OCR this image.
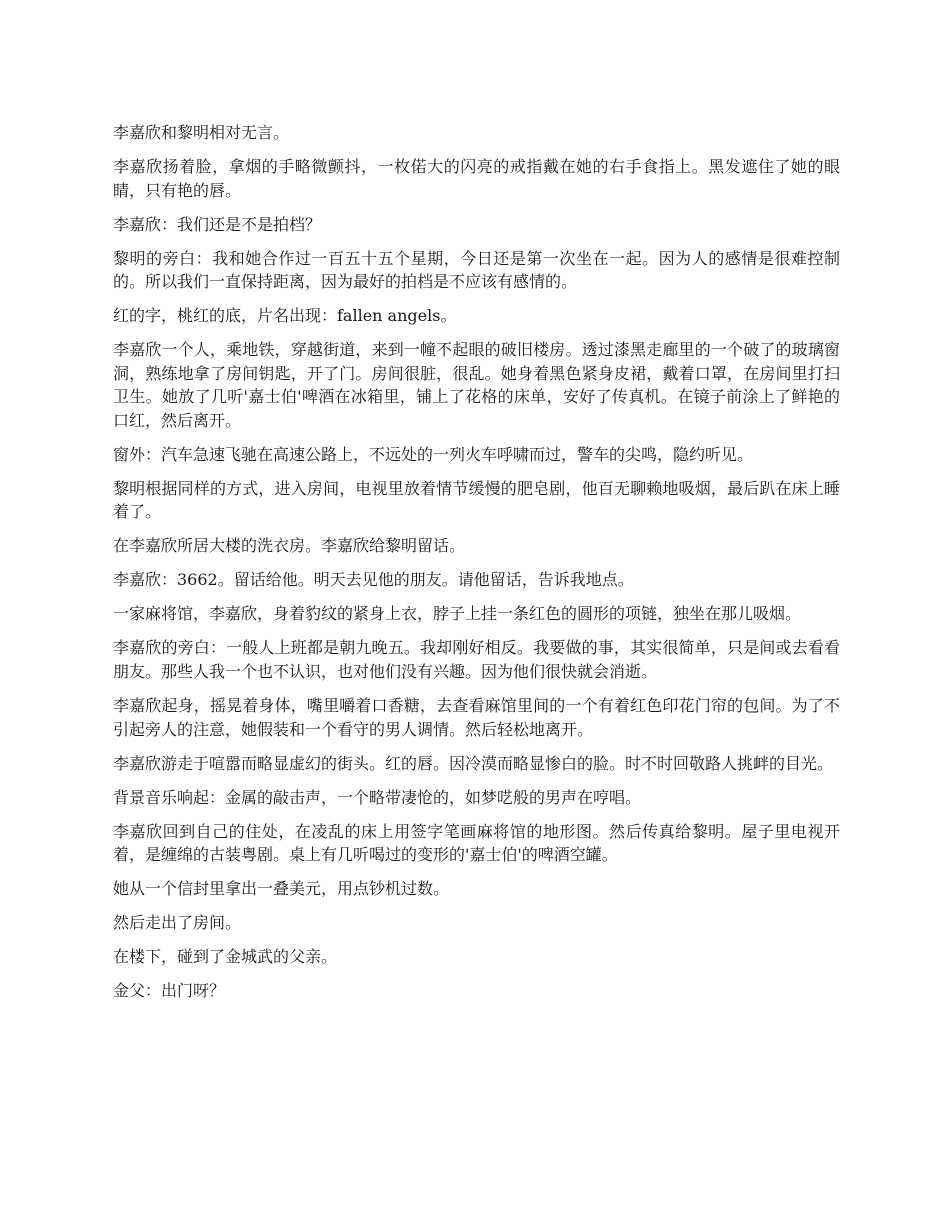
李嘉欣和黎明相对无言。

李嘉欣扬着脸，拿烟的手略微颤抖，一枚偌大的闪亮的戒指戴在她的右手食指上。黑发遮住了她的眼睛，只有艳的唇。

李嘉欣：我们还是不是拍档？

黎明的旁白：我和她合作过一百五十五个星期，今日还是第一次坐在一起。因为人的感情是很难控制的。所以我们一直保持距离，因为最好的拍档是不应该有感情的。

红的字，桃红的底，片名出现：fallen angels。

李嘉欣一个人，乘地铁，穿越街道，来到一幢不起眼的破旧楼房。透过漆黑走廊里的一个破了的玻璃窗洞，熟练地拿了房间钥匙，开了门。房间很脏，很乱。她身着黑色紧身皮裙，戴着口罩，在房间里打扫卫生。她放了几听'嘉士伯'啤酒在冰箱里，铺上了花格的床单，安好了传真机。在镜子前涂上了鲜艳的口红，然后离开。

窗外：汽车急速飞驰在高速公路上，不远处的一列火车呼啸而过，警车的尖鸣，隐约听见。

黎明根据同样的方式，进入房间，电视里放着情节缓慢的肥皂剧，他百无聊赖地吸烟，最后趴在床上睡着了。

在李嘉欣所居大楼的洗衣房。李嘉欣给黎明留话。

李嘉欣：3662。留话给他。明天去见他的朋友。请他留话，告诉我地点。

一家麻将馆，李嘉欣，身着豹纹的紧身上衣，脖子上挂一条红色的圆形的项链，独坐在那儿吸烟。

李嘉欣的旁白：一般人上班都是朝九晚五。我却刚好相反。我要做的事，其实很简单，只是间或去看看朋友。那些人我一个也不认识，也对他们没有兴趣。因为他们很快就会消逝。

李嘉欣起身，摇晃着身体，嘴里嚼着口香糖，去查看麻馆里间的一个有着红色印花门帘的包间。为了不引起旁人的注意，她假装和一个看守的男人调情。然后轻松地离开。

李嘉欣游走于喧嚣而略显虚幻的街头。红的唇。因冷漠而略显惨白的脸。时不时回敬路人挑衅的目光。

背景音乐响起：金属的敲击声，一个略带凄怆的，如梦呓般的男声在哼唱。

李嘉欣回到自己的住处，在凌乱的床上用签字笔画麻将馆的地形图。然后传真给黎明。屋子里电视开着，是缠绵的古装粤剧。桌上有几听喝过的变形的'嘉士伯'的啤酒空罐。

她从一个信封里拿出一叠美元，用点钞机过数。

然后走出了房间。

在楼下，碰到了金城武的父亲。

金父：出门呀？
